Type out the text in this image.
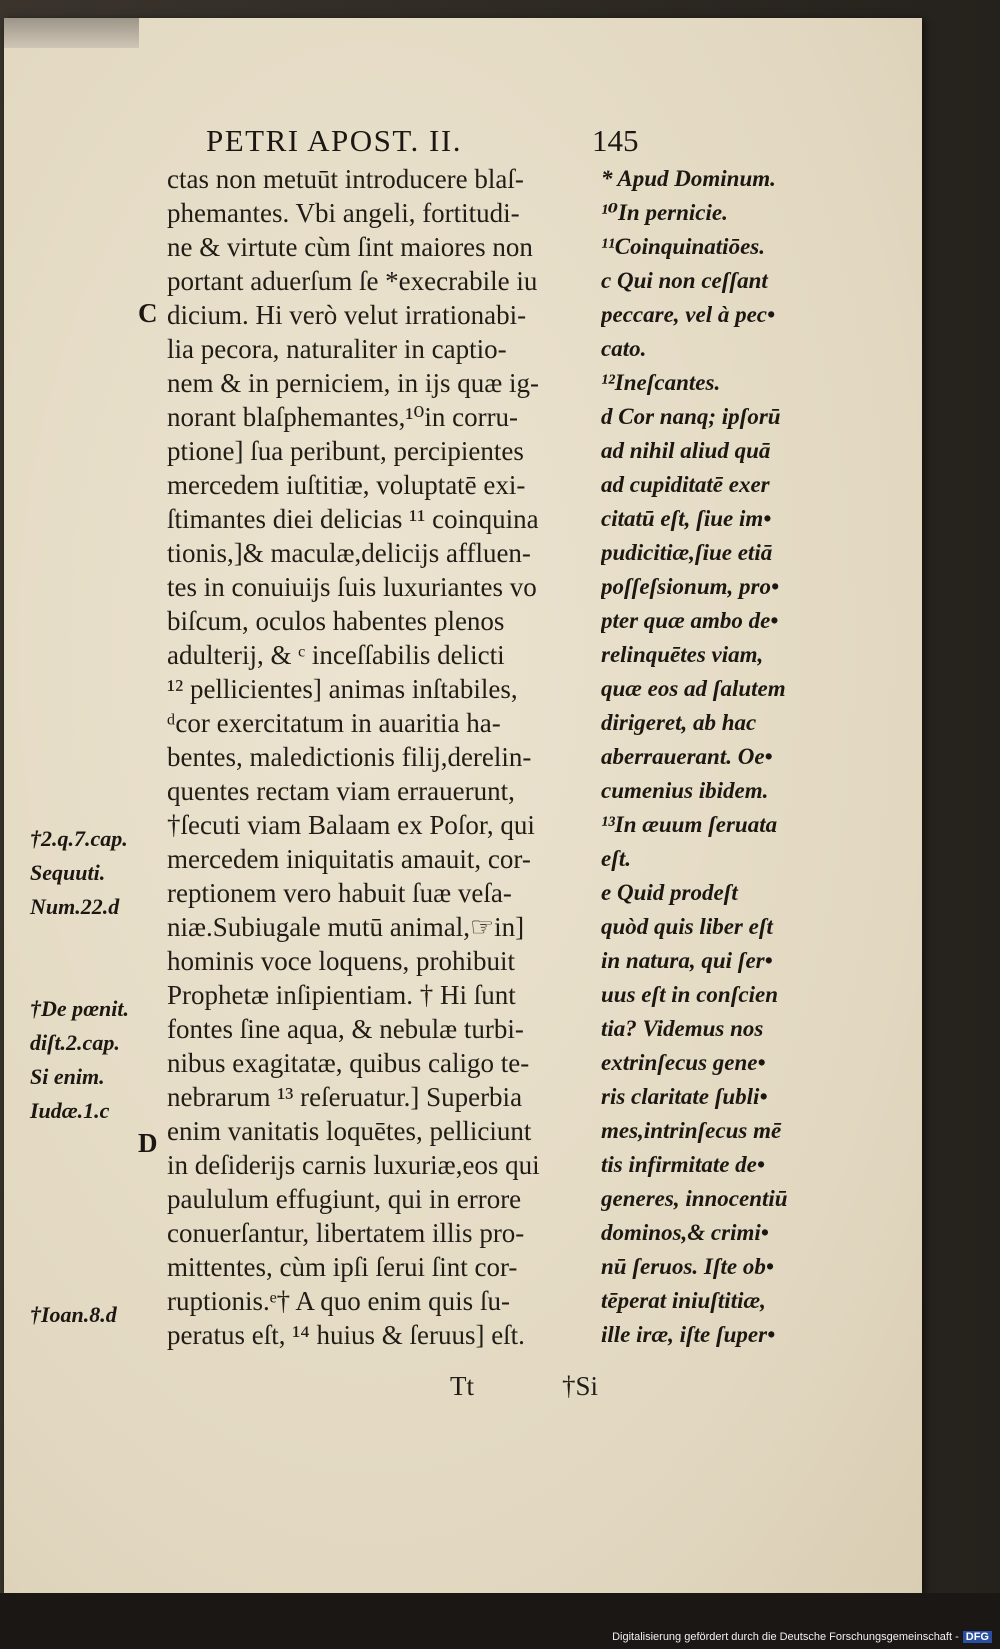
PETRI APOST. II.	145
ctas non metuūt introducere blaſ-
phemantes. Vbi angeli, fortitudi-
ne & virtute cùm ſint maiores non
portant aduerſum ſe *execrabile iu
dicium. Hi verò velut irrationabi-
lia pecora, naturaliter in captio-
nem & in perniciem, in ijs quæ ig-
norant blaſphemantes,¹⁰in corru-
ptione] ſua peribunt, percipientes
mercedem iuſtitiæ, voluptatē exi-
ſtimantes diei delicias ¹¹ coinquina
tionis,]& maculæ,delicijs affluen-
tes in conuiuijs ſuis luxuriantes vo
biſcum, oculos habentes plenos
adulterij, & ᶜ inceſſabilis delicti
¹² pellicientes] animas inſtabiles,
ᵈcor exercitatum in auaritia ha-
bentes, maledictionis filij,derelin-
quentes rectam viam errauerunt,
†ſecuti viam Balaam ex Poſor, qui
mercedem iniquitatis amauit, cor-
reptionem vero habuit ſuæ veſa-
niæ.Subiugale mutū animal,☞in]
hominis voce loquens, prohibuit
Prophetæ inſipientiam. † Hi ſunt
fontes ſine aqua, & nebulæ turbi-
nibus exagitatæ, quibus caligo te-
nebrarum ¹³ reſeruatur.] Superbia
enim vanitatis loquētes, pelliciunt
in deſiderijs carnis luxuriæ,eos qui
paululum effugiunt, qui in errore
conuerſantur, libertatem illis pro-
mittentes, cùm ipſi ſerui ſint cor-
ruptionis.ᵉ† A quo enim quis ſu-
peratus eſt, ¹⁴ huius & ſeruus] eſt.
* Apud Dominum.
¹⁰In pernicie.
¹¹Coinquinatiōes.
c Qui non ceſſant
peccare, vel à pec•
cato.
¹²Ineſcantes.
d Cor nanq; ipſorū
ad nihil aliud quā
ad cupiditatē exer
citatū eſt, ſiue im•
pudicitiæ,ſiue etiā
poſſeſsionum, pro•
pter quæ ambo de•
relinquētes viam,
quæ eos ad ſalutem
dirigeret, ab hac
aberrauerant. Oe•
cumenius ibidem.
¹³In æuum ſeruata
eſt.
e Quid prodeſt
quòd quis liber eſt
in natura, qui ſer•
uus eſt in conſcien
tia? Videmus nos
extrinſecus gene•
ris claritate ſubli•
mes,intrinſecus mē
tis infirmitate de•
generes, innocentiū
dominos,& crimi•
nū ſeruos. Iſte ob•
tēperat iniuſtitiæ,
ille iræ, iſte ſuper•
C
D
†2.q.7.cap.
Sequuti.
Num.22.d
†De pœnit.
diſt.2.cap.
Si enim.
Iudæ.1.c
†Ioan.8.d
Tt	†Si
Digitalisierung gefördert durch die Deutsche Forschungsgemeinschaft - DFG
